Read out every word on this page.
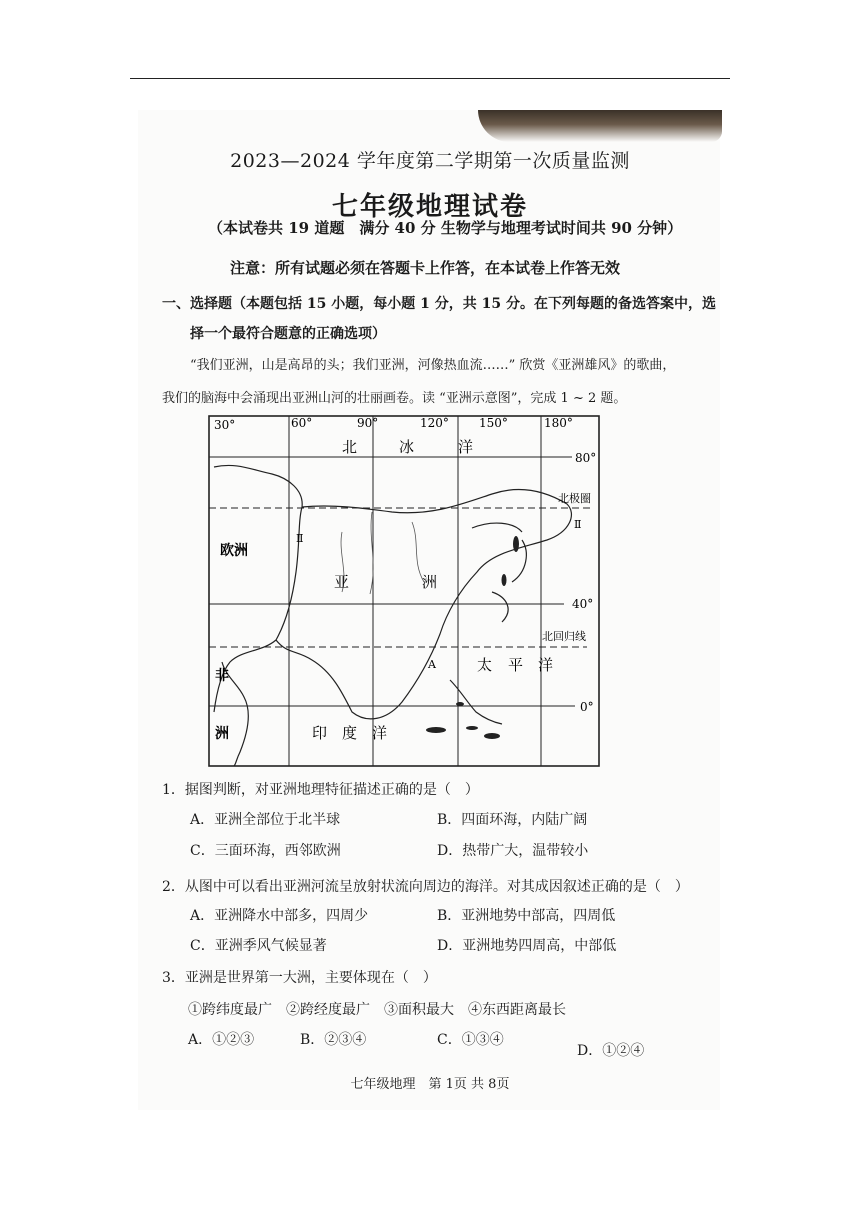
2023—2024 学年度第二学期第一次质量监测
七年级地理试卷
（本试卷共 19 道题　满分 40 分 生物学与地理考试时间共 90 分钟）
注意：所有试题必须在答题卡上作答，在本试卷上作答无效
一、选择题（本题包括 15 小题，每小题 1 分，共 15 分。在下列每题的备选答案中，选
择一个最符合题意的正确选项）
“我们亚洲，山是高昂的头；我们亚洲，河像热血流……” 欣赏《亚洲雄风》的歌曲，
我们的脑海中会涌现出亚洲山河的壮丽画卷。读 “亚洲示意图”，完成 1 ~ 2 题。
30°	60°	90°	120°	150°	180°
80°
北极圈
40°
北回归线
0°
北	冰	洋
欧洲
亚	洲
太 平 洋
非
洲	印 度 洋
A
Ⅱ
Ⅱ
1．据图判断，对亚洲地理特征描述正确的是（　）
A．亚洲全部位于北半球	B．四面环海，内陆广阔
C．三面环海，西邻欧洲	D．热带广大，温带较小
2．从图中可以看出亚洲河流呈放射状流向周边的海洋。对其成因叙述正确的是（　）
A．亚洲降水中部多，四周少	B．亚洲地势中部高，四周低
C．亚洲季风气候显著	D．亚洲地势四周高，中部低
3．亚洲是世界第一大洲，主要体现在（　）
①跨纬度最广　②跨经度最广　③面积最大　④东西距离最长
A．①②③	B．②③④	C．①③④
D．①②④
七年级地理　第 1页 共 8页
